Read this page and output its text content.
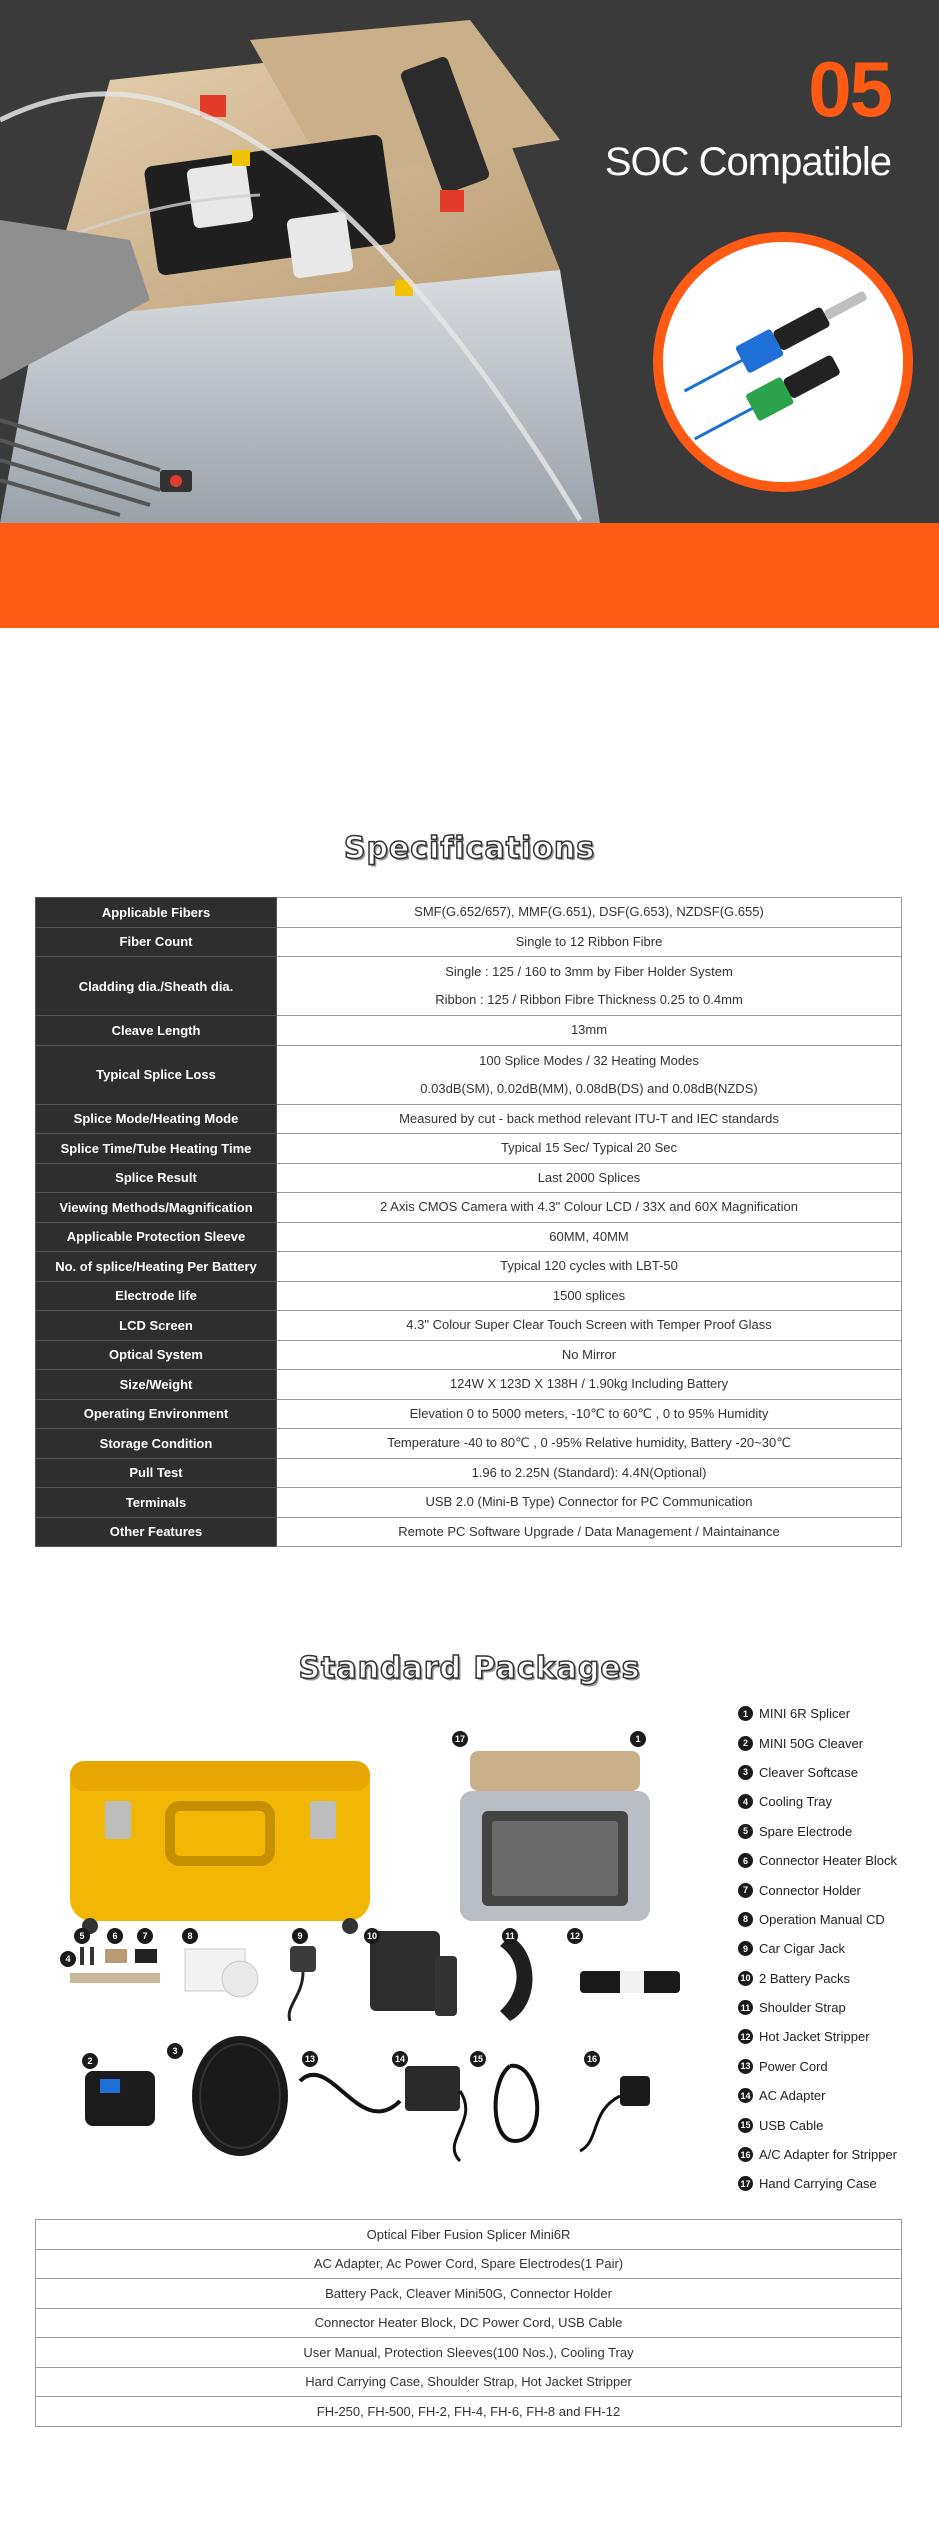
05
SOC Compatible
Specifications
Applicable Fibers	SMF(G.652/657), MMF(G.651), DSF(G.653), NZDSF(G.655)

Fiber Count	Single to 12 Ribbon Fibre

Cladding dia./Sheath dia.	Single : 125 / 160 to 3mm by Fiber Holder System
Ribbon : 125 / Ribbon Fibre Thickness 0.25 to 0.4mm

Cleave Length	13mm

Typical Splice Loss	100 Splice Modes / 32 Heating Modes
0.03dB(SM), 0.02dB(MM), 0.08dB(DS) and 0.08dB(NZDS)

Splice Mode/Heating Mode	Measured by cut - back method relevant ITU-T and IEC standards

Splice Time/Tube Heating Time	Typical 15 Sec/ Typical 20 Sec

Splice Result	Last 2000 Splices

Viewing Methods/Magnification	2 Axis CMOS Camera with 4.3" Colour LCD / 33X and 60X Magnification

Applicable Protection Sleeve	60MM, 40MM

No. of splice/Heating Per Battery	Typical 120 cycles with LBT-50

Electrode life	1500 splices

LCD Screen	4.3" Colour Super Clear Touch Screen with Temper Proof Glass

Optical System	No Mirror

Size/Weight	124W X 123D X 138H / 1.90kg Including Battery

Operating Environment	Elevation 0 to 5000 meters, -10℃ to 60℃ , 0 to 95% Humidity

Storage Condition	Temperature -40 to 80℃ , 0 -95% Relative humidity, Battery -20~30℃

Pull Test	1.96 to 2.25N (Standard): 4.4N(Optional)

Terminals	USB 2.0 (Mini-B Type) Connector for PC Communication

Other Features	Remote PC Software Upgrade / Data Management / Maintainance
Standard Packages
1
2
3
4
5	6	7	8	9	10	11	12
13	14	15	16
17
1 MINI 6R Splicer
2 MINI 50G Cleaver
3 Cleaver Softcase
4 Cooling Tray
5 Spare Electrode
6 Connector Heater Block
7 Connector Holder
8 Operation Manual CD
9 Car Cigar Jack
10 2 Battery Packs
11 Shoulder Strap
12 Hot Jacket Stripper
13 Power Cord
14 AC Adapter
15 USB Cable
16 A/C Adapter for Stripper
17 Hand Carrying Case
Optical Fiber Fusion Splicer Mini6R
AC Adapter, Ac Power Cord, Spare Electrodes(1 Pair)
Battery Pack, Cleaver Mini50G, Connector Holder
Connector Heater Block, DC Power Cord, USB Cable
User Manual, Protection Sleeves(100 Nos.), Cooling Tray
Hard Carrying Case, Shoulder Strap, Hot Jacket Stripper
FH-250, FH-500, FH-2, FH-4, FH-6, FH-8 and FH-12
